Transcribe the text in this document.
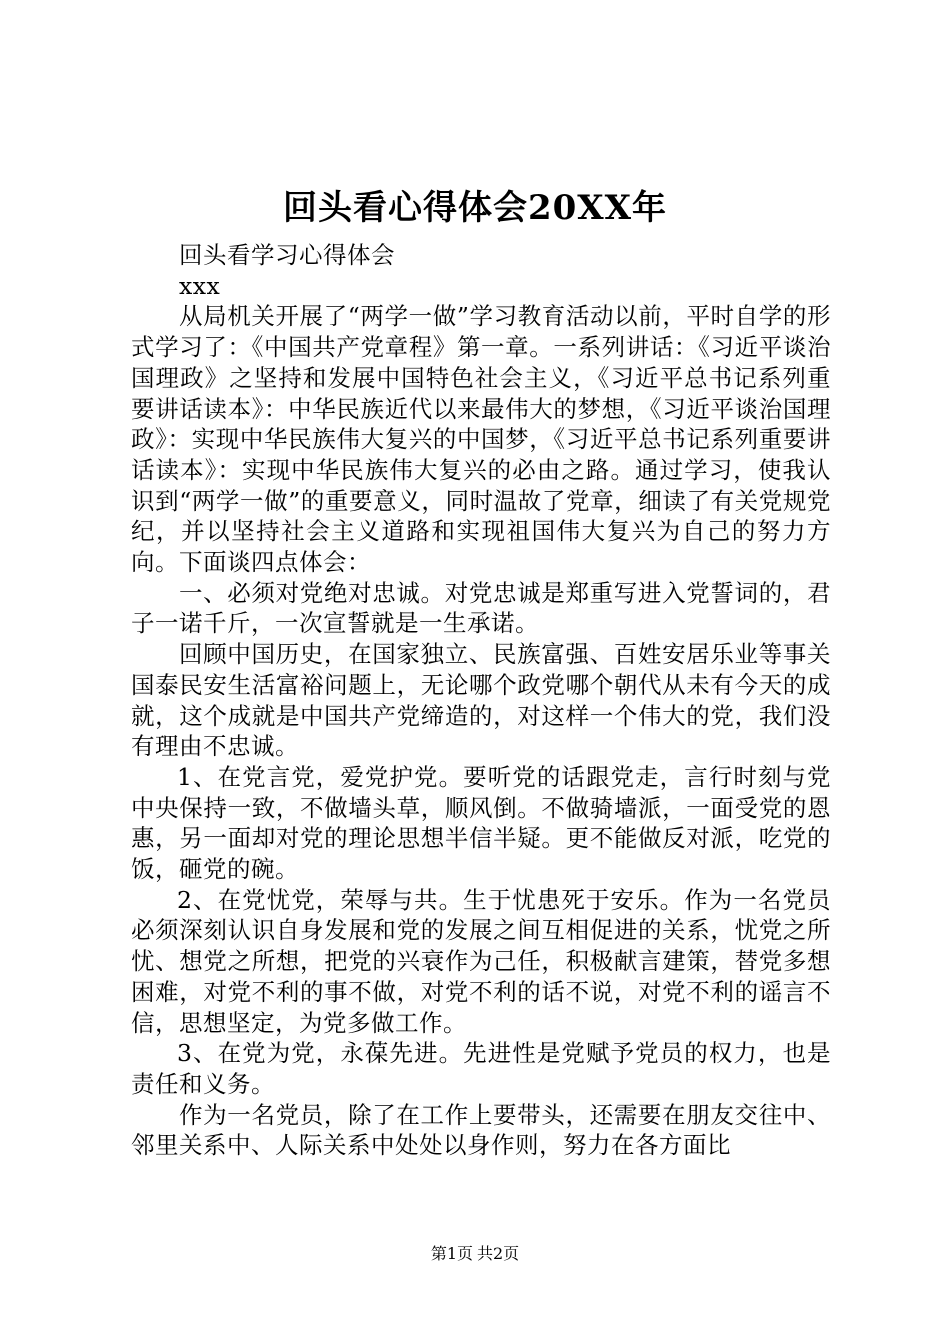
回头看心得体会20XX年

回头看学习心得体会

xxx

从局机关开展了“两学一做”学习教育活动以前，平时自学的形式学习了：《中国共产党章程》第一章。一系列讲话：《习近平谈治国理政》之坚持和发展中国特色社会主义，《习近平总书记系列重要讲话读本》：中华民族近代以来最伟大的梦想，《习近平谈治国理政》：实现中华民族伟大复兴的中国梦，《习近平总书记系列重要讲话读本》：实现中华民族伟大复兴的必由之路。通过学习，使我认识到“两学一做”的重要意义，同时温故了党章，细读了有关党规党纪，并以坚持社会主义道路和实现祖国伟大复兴为自己的努力方向。下面谈四点体会：

一、必须对党绝对忠诚。对党忠诚是郑重写进入党誓词的，君子一诺千斤，一次宣誓就是一生承诺。

回顾中国历史，在国家独立、民族富强、百姓安居乐业等事关国泰民安生活富裕问题上，无论哪个政党哪个朝代从未有今天的成就，这个成就是中国共产党缔造的，对这样一个伟大的党，我们没有理由不忠诚。

1、在党言党，爱党护党。要听党的话跟党走，言行时刻与党中央保持一致，不做墙头草，顺风倒。不做骑墙派，一面受党的恩惠，另一面却对党的理论思想半信半疑。更不能做反对派，吃党的饭，砸党的碗。

2、在党忧党，荣辱与共。生于忧患死于安乐。作为一名党员必须深刻认识自身发展和党的发展之间互相促进的关系，忧党之所忧、想党之所想，把党的兴衰作为己任，积极献言建策，替党多想困难，对党不利的事不做，对党不利的话不说，对党不利的谣言不信，思想坚定，为党多做工作。

3、在党为党，永葆先进。先进性是党赋予党员的权力，也是责任和义务。

作为一名党员，除了在工作上要带头，还需要在朋友交往中、邻里关系中、人际关系中处处以身作则，努力在各方面比

第1页 共2页
